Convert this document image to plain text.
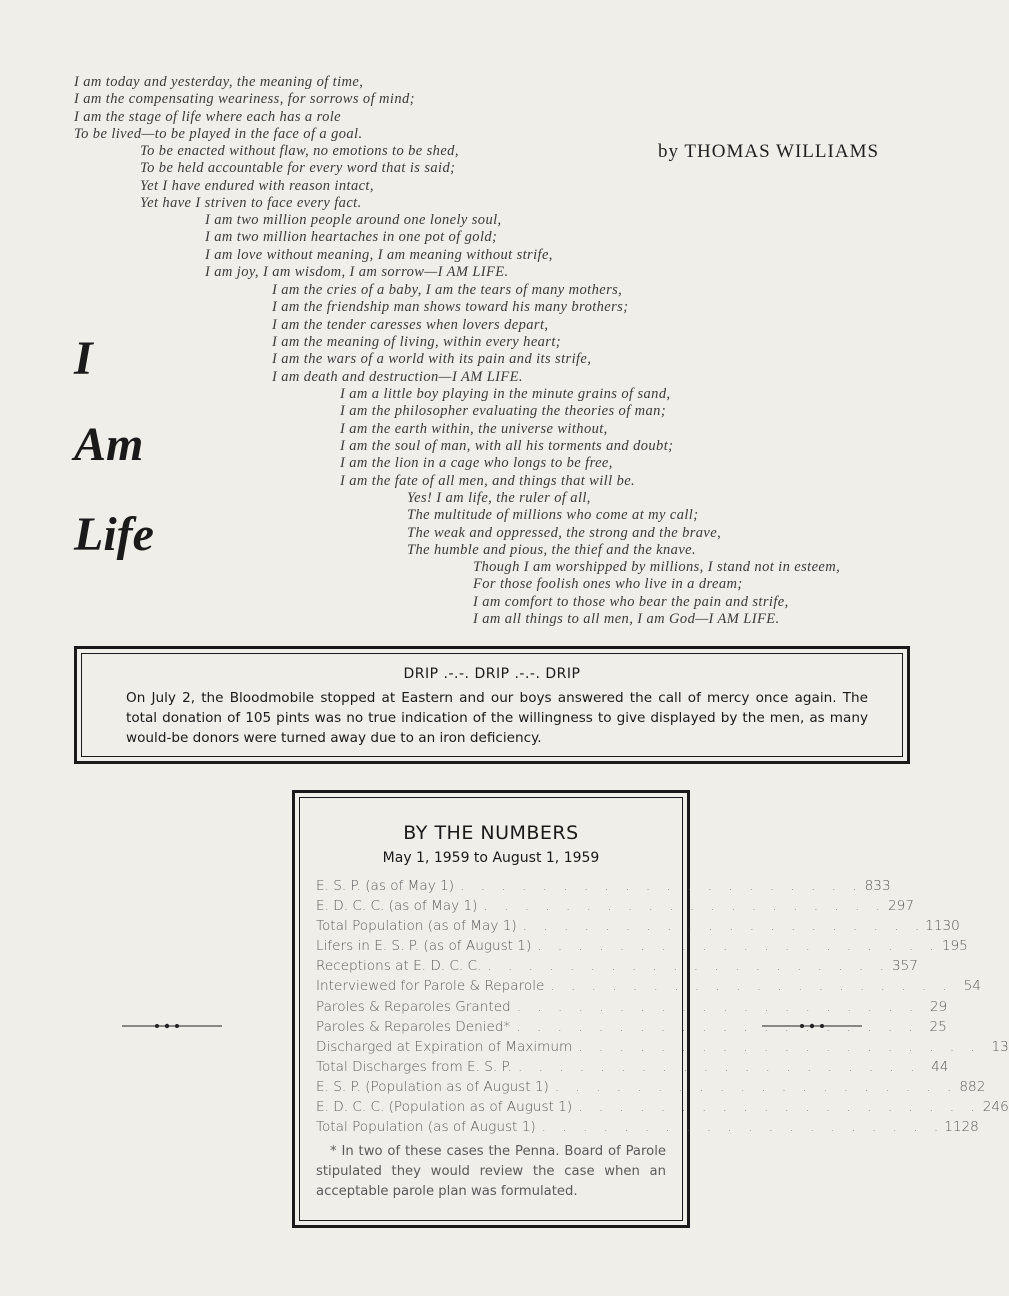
I
Am
Life
by THOMAS WILLIAMS
I am today and yesterday, the meaning of time,
I am the compensating weariness, for sorrows of mind;
I am the stage of life where each has a role
To be lived—to be played in the face of a goal.
To be enacted without flaw, no emotions to be shed,
To be held accountable for every word that is said;
Yet I have endured with reason intact,
Yet have I striven to face every fact.
I am two million people around one lonely soul,
I am two million heartaches in one pot of gold;
I am love without meaning, I am meaning without strife,
I am joy, I am wisdom, I am sorrow—I AM LIFE.
I am the cries of a baby, I am the tears of many mothers,
I am the friendship man shows toward his many brothers;
I am the tender caresses when lovers depart,
I am the meaning of living, within every heart;
I am the wars of a world with its pain and its strife,
I am death and destruction—I AM LIFE.
I am a little boy playing in the minute grains of sand,
I am the philosopher evaluating the theories of man;
I am the earth within, the universe without,
I am the soul of man, with all his torments and doubt;
I am the lion in a cage who longs to be free,
I am the fate of all men, and things that will be.
Yes! I am life, the ruler of all,
The multitude of millions who come at my call;
The weak and oppressed, the strong and the brave,
The humble and pious, the thief and the knave.
Though I am worshipped by millions, I stand not in esteem,
For those foolish ones who live in a dream;
I am comfort to those who bear the pain and strife,
I am all things to all men, I am God—I AM LIFE.
DRIP .-.-. DRIP .-.-. DRIP
On July 2, the Bloodmobile stopped at Eastern and our boys answered the call of mercy once again. The total donation of 105 pints was no true indication of the willingness to give displayed by the men, as many would-be donors were turned away due to an iron deficiency.
BY THE NUMBERS
May 1, 1959 to August 1, 1959
E. S. P. (as of May 1) . . . . . . . . . . . . . . . . . . . . 833
E. D. C. C. (as of May 1) . . . . . . . . . . . . . . . . . . . . 297
Total Population (as of May 1) . . . . . . . . . . . . . . . . . . . . 1130
Lifers in E. S. P. (as of August 1) . . . . . . . . . . . . . . . . . . . . 195
Receptions at E. D. C. C. . . . . . . . . . . . . . . . . . . . . 357
Interviewed for Parole & Reparole . . . . . . . . . . . . . . . . . . . . 54
Paroles & Reparoles Granted . . . . . . . . . . . . . . . . . . . . 29
Paroles & Reparoles Denied* . . . . . . . . . . . . . . . . . . . . 25
Discharged at Expiration of Maximum . . . . . . . . . . . . . . . . . . . . 13
Total Discharges from E. S. P. . . . . . . . . . . . . . . . . . . . . 44
E. S. P. (Population as of August 1) . . . . . . . . . . . . . . . . . . . . 882
E. D. C. C. (Population as of August 1) . . . . . . . . . . . . . . . . . . . . 246
Total Population (as of August 1) . . . . . . . . . . . . . . . . . . . . 1128
* In two of these cases the Penna. Board of Parole stipulated they would review the case when an acceptable parole plan was formulated.
